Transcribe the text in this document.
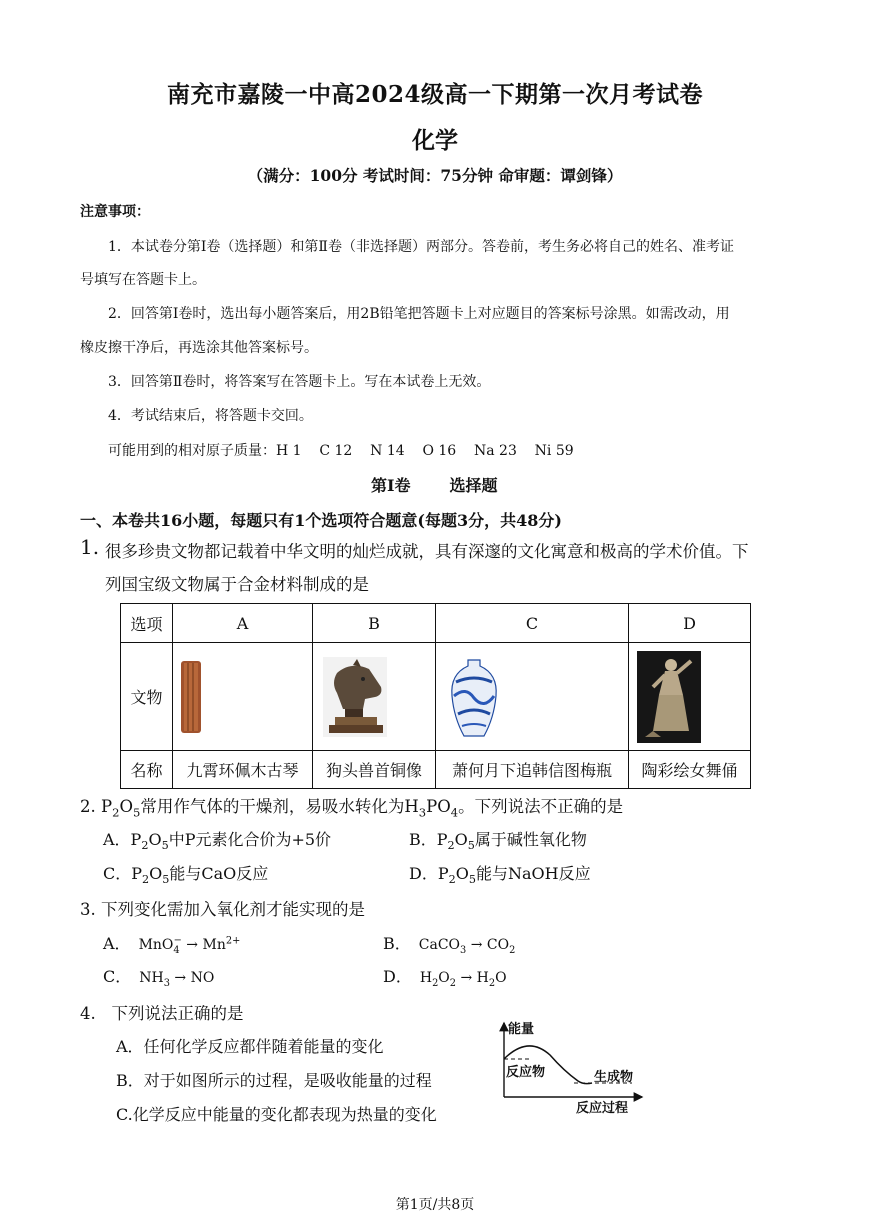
南充市嘉陵一中高2024级高一下期第一次月考试卷
化学
（满分：100分 考试时间：75分钟 命审题：谭剑锋）
注意事项：
1．本试卷分第Ⅰ卷（选择题）和第Ⅱ卷（非选择题）两部分。答卷前，考生务必将自己的姓名、准考证
号填写在答题卡上。
2．回答第Ⅰ卷时，选出每小题答案后，用2B铅笔把答题卡上对应题目的答案标号涂黑。如需改动，用
橡皮擦干净后，再选涂其他答案标号。
3．回答第Ⅱ卷时，将答案写在答题卡上。写在本试卷上无效。
4．考试结束后，将答题卡交回。
可能用到的相对原子质量：H 1    C 12    N 14    O 16    Na 23    Ni 59
第Ⅰ卷       选择题
一、本卷共16小题，每题只有1个选项符合题意(每题3分，共48分)
1. 很多珍贵文物都记载着中华文明的灿烂成就，具有深邃的文化寓意和极高的学术价值。下
列国宝级文物属于合金材料制成的是
选项	A	B	C	D
文物	

名称	九霄环佩木古琴	狗头兽首铜像	萧何月下追韩信图梅瓶	陶彩绘女舞俑
2. $P_2O_5$常用作气体的干燥剂，易吸水转化为$H_3PO_4$。下列说法不正确的是
A．$P_2O_5$中P元素化合价为+5价	B．$P_2O_5$属于碱性氧化物
C．$P_2O_5$能与CaO反应	D．$P_2O_5$能与NaOH反应
3. 下列变化需加入氧化剂才能实现的是
A． $MnO_4^- \to Mn^{2+}$	B． CaCO$_3$ → $CO_2$
C． $NH_3$ → NO	D． $H_2O_2 \to H_2O$
4.   下列说法正确的是
A．任何化学反应都伴随着能量的变化
B．对于如图所示的过程，是吸收能量的过程
C.化学反应中能量的变化都表现为热量的变化
能量
反应物	生成物
反应过程
第1页/共8页
